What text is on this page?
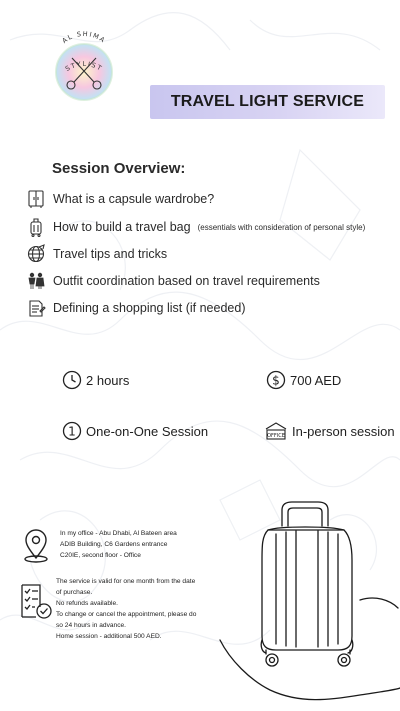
AL SHIMA
STYLIST
TRAVEL LIGHT SERVICE
Session Overview:
What is a capsule wardrobe?
How to build a travel bag (essentials with consideration of personal style)
Travel tips and tricks
Outfit coordination based on travel requirements
Defining a shopping list (if needed)
2 hours	$ 700 AED
1 One-on-One Session	OFFICE In-person session
In my office - Abu Dhabi, Al Bateen area
ADIB Building, C6 Gardens entrance
C20IE, second floor - Office
The service is valid for one month from the date
of purchase.
No refunds available.
To change or cancel the appointment, please do
so 24 hours in advance.
Home session - additional 500 AED.
